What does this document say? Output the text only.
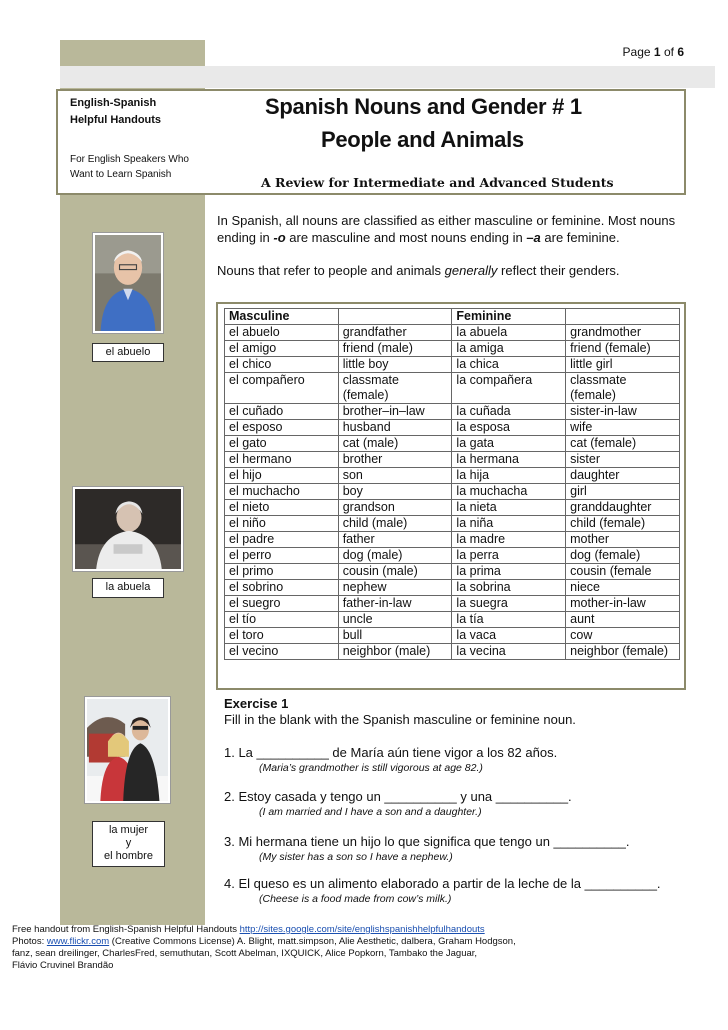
Page 1 of 6
English-Spanish
Helpful Handouts
For English Speakers Who
Want to Learn Spanish
Spanish Nouns and Gender # 1
People and Animals
A Review for Intermediate and Advanced Students
In Spanish, all nouns are classified as either masculine or feminine. Most nouns ending in -o are masculine and most nouns ending in –a are feminine.
Nouns that refer to people and animals generally reflect their genders.
el abuelo
la abuela
la mujer
y
el hombre
Masculine		Feminine	
el abuelo	grandfather	la abuela	grandmother
el amigo	friend (male)	la amiga	friend (female)
el chico	little boy	la chica	little girl
el compañero	classmate (female)	la compañera	classmate (female)
el cuñado	brother–in–law	la cuñada	sister-in-law
el esposo	husband	la esposa	wife
el gato	cat (male)	la gata	cat (female)
el hermano	brother	la hermana	sister
el hijo	son	la hija	daughter
el muchacho	boy	la muchacha	girl
el nieto	grandson	la nieta	granddaughter
el niño	child (male)	la niña	child (female)
el padre	father	la madre	mother
el perro	dog (male)	la perra	dog (female)
el primo	cousin (male)	la prima	cousin (female
el sobrino	nephew	la sobrina	niece
el suegro	father-in-law	la suegra	mother-in-law
el tío	uncle	la tía	aunt
el toro	bull	la vaca	cow
el vecino	neighbor (male)	la vecina	neighbor (female)
Exercise 1
Fill in the blank with the Spanish masculine or feminine noun.
1. La __________ de María aún tiene vigor a los 82 años.
(Maria’s grandmother is still vigorous at age 82.)
2. Estoy casada y tengo un __________ y una __________.
(I am married and I have a son and a daughter.)
3. Mi hermana tiene un hijo lo que significa que tengo un __________.
(My sister has a son so I have a nephew.)
4. El queso es un alimento elaborado a partir de la leche de la __________.
(Cheese is a food made from cow’s milk.)
Free handout from English-Spanish Helpful Handouts http://sites.google.com/site/englishspanishhelpfulhandouts
Photos: www.flickr.com (Creative Commons License) A. Blight, matt.simpson, Alie Aesthetic, dalbera, Graham Hodgson,
fanz, sean dreilinger, CharlesFred, semuthutan, Scott Abelman, IXQUICK, Alice Popkorn, Tambako the Jaguar,
Flávio Cruvinel Brandão
